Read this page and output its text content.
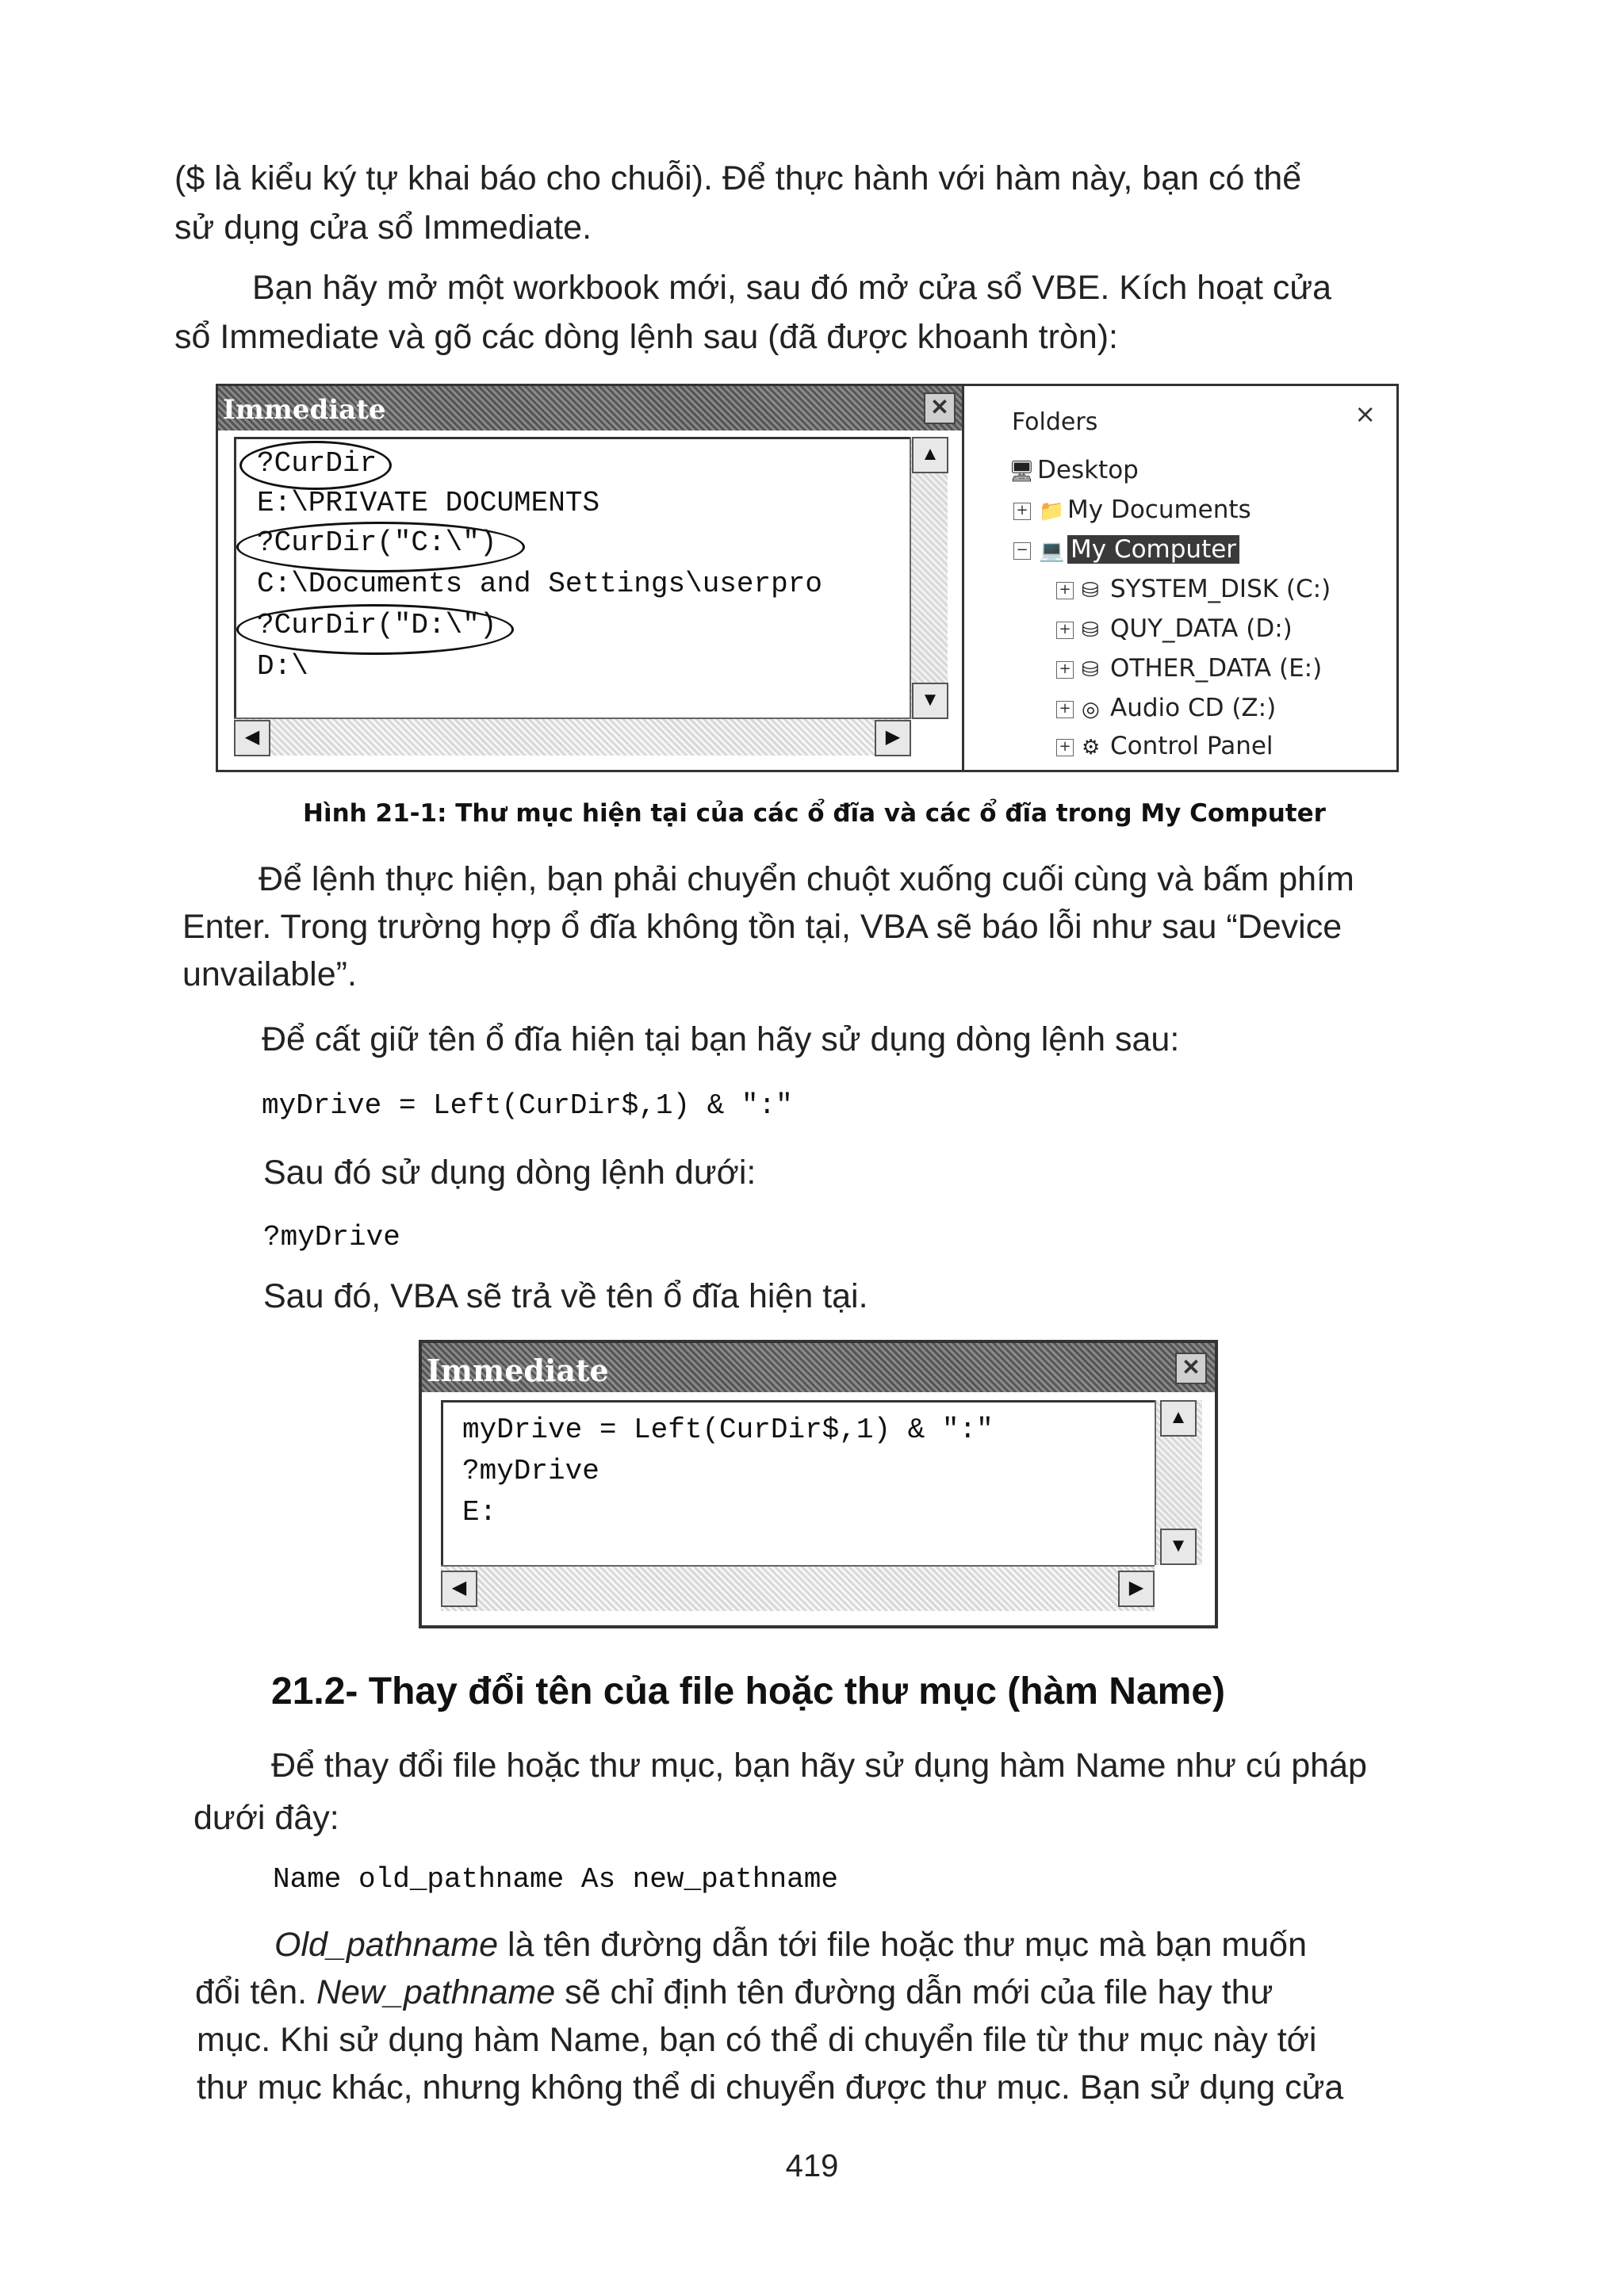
($ là kiểu ký tự khai báo cho chuỗi). Để thực hành với hàm này, bạn có thể

sử dụng cửa sổ Immediate.

Bạn hãy mở một workbook mới, sau đó mở cửa sổ VBE. Kích hoạt cửa

sổ Immediate và gõ các dòng lệnh sau (đã được khoanh tròn):

Immediate	✕
?CurDir
E:\PRIVATE DOCUMENTS
?CurDir("C:\")
C:\Documents and Settings\userpro
?CurDir("D:\")
D:\
▲
▼
◀	▶
Folders	×
🖥Desktop
+ 📁 My Documents
− 💻 My Computer
+ ⛁ SYSTEM_DISK (C:)
+ ⛁ QUY_DATA (D:)
+ ⛁ OTHER_DATA (E:)
+ ◎ Audio CD (Z:)
+ ⚙ Control Panel
Hình 21-1: Thư mục hiện tại của các ổ đĩa và các ổ đĩa trong My Computer

Để lệnh thực hiện, bạn phải chuyển chuột xuống cuối cùng và bấm phím

Enter. Trong trường hợp ổ đĩa không tồn tại, VBA sẽ báo lỗi như sau “Device

unvailable”.

Để cất giữ tên ổ đĩa hiện tại bạn hãy sử dụng dòng lệnh sau:

myDrive = Left(CurDir$,1) & ":"

Sau đó sử dụng dòng lệnh dưới:

?myDrive

Sau đó, VBA sẽ trả về tên ổ đĩa hiện tại.

Immediate	✕
myDrive = Left(CurDir$,1) & ":"
?myDrive
E:
▲
▼
◀	▶
21.2- Thay đổi tên của file hoặc thư mục (hàm Name)

Để thay đổi file hoặc thư mục, bạn hãy sử dụng hàm Name như cú pháp

dưới đây:

Name old_pathname As new_pathname

Old_pathname là tên đường dẫn tới file hoặc thư mục mà bạn muốn

đổi tên. New_pathname sẽ chỉ định tên đường dẫn mới của file hay thư

mục. Khi sử dụng hàm Name, bạn có thể di chuyển file từ thư mục này tới

thư mục khác, nhưng không thể di chuyển được thư mục. Bạn sử dụng cửa

419
